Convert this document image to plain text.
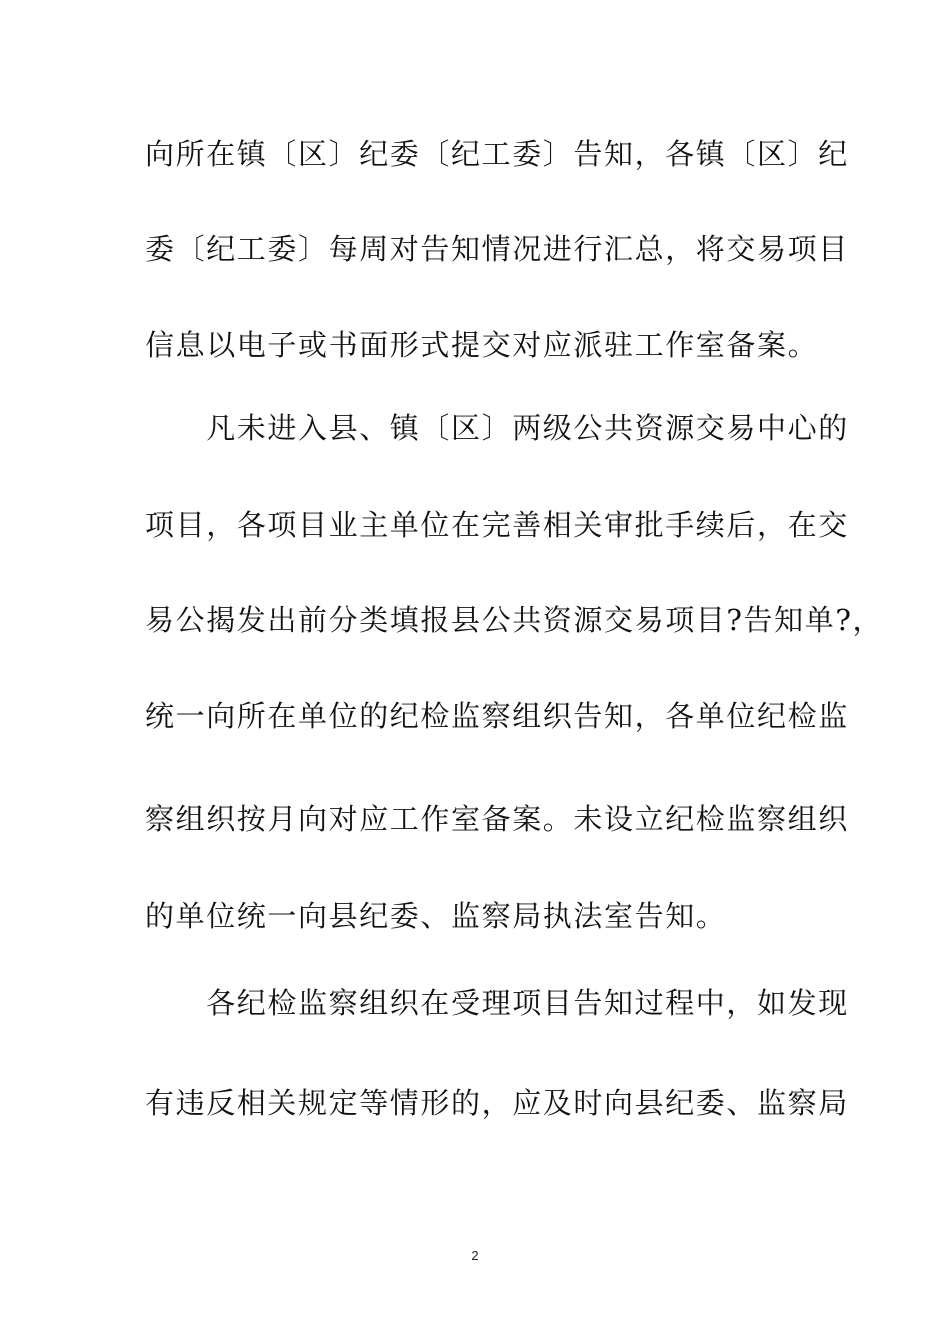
向所在镇〔区〕纪委〔纪工委〕告知，各镇〔区〕纪
委〔纪工委〕每周对告知情况进行汇总，将交易项目
信息以电子或书面形式提交对应派驻工作室备案。
　　凡未进入县、镇〔区〕两级公共资源交易中心的
项目，各项目业主单位在完善相关审批手续后，在交
易公揭发出前分类填报县公共资源交易项目?告知单?，
统一向所在单位的纪检监察组织告知，各单位纪检监
察组织按月向对应工作室备案。未设立纪检监察组织
的单位统一向县纪委、监察局执法室告知。
　　各纪检监察组织在受理项目告知过程中，如发现
有违反相关规定等情形的，应及时向县纪委、监察局
2
